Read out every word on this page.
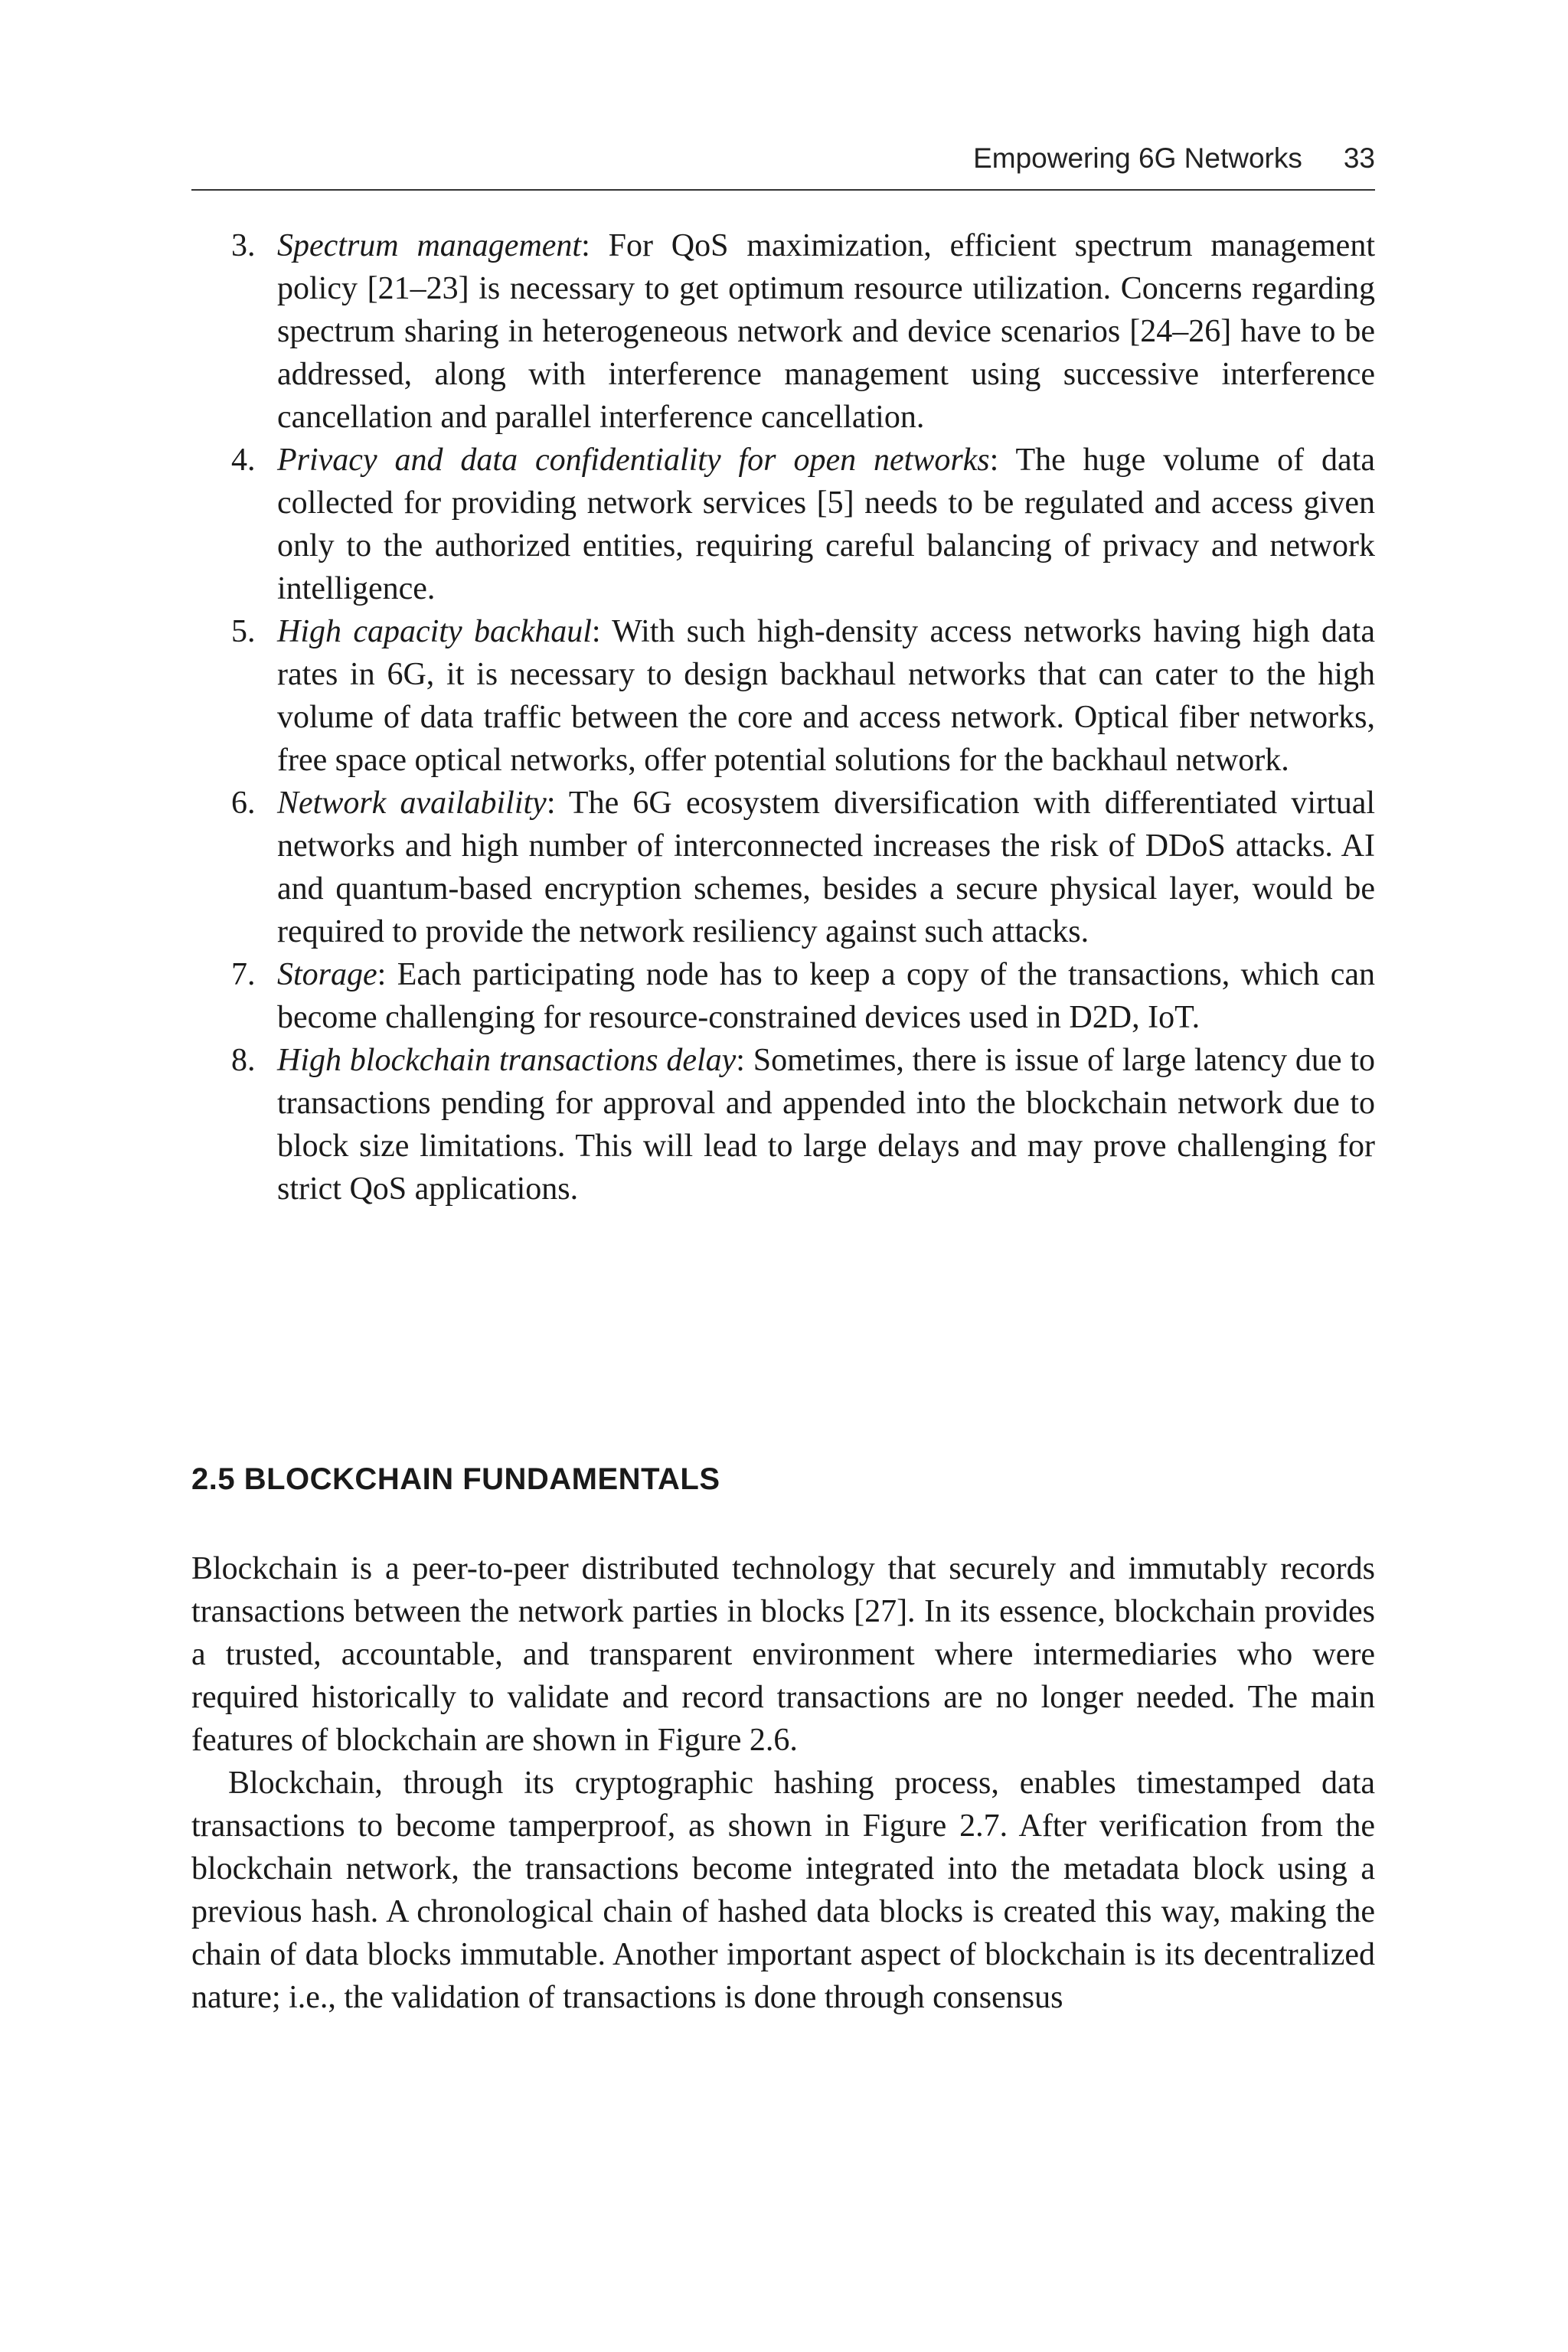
Empowering 6G Networks 33
3. Spectrum management: For QoS maximization, efficient spectrum management policy [21–23] is necessary to get optimum resource utilization. Concerns regarding spectrum sharing in heterogeneous network and device scenarios [24–26] have to be addressed, along with interference management using successive interference cancellation and parallel interference cancellation.
4. Privacy and data confidentiality for open networks: The huge volume of data collected for providing network services [5] needs to be regulated and access given only to the authorized entities, requiring careful balancing of privacy and network intelligence.
5. High capacity backhaul: With such high-density access networks having high data rates in 6G, it is necessary to design backhaul networks that can cater to the high volume of data traffic between the core and access network. Optical fiber networks, free space optical networks, offer potential solutions for the backhaul network.
6. Network availability: The 6G ecosystem diversification with differentiated virtual networks and high number of interconnected increases the risk of DDoS attacks. AI and quantum-based encryption schemes, besides a secure physical layer, would be required to provide the network resiliency against such attacks.
7. Storage: Each participating node has to keep a copy of the transactions, which can become challenging for resource-constrained devices used in D2D, IoT.
8. High blockchain transactions delay: Sometimes, there is issue of large latency due to transactions pending for approval and appended into the blockchain network due to block size limitations. This will lead to large delays and may prove challenging for strict QoS applications.
2.5 BLOCKCHAIN FUNDAMENTALS

Blockchain is a peer-to-peer distributed technology that securely and immutably records transactions between the network parties in blocks [27]. In its essence, blockchain provides a trusted, accountable, and transparent environment where intermediaries who were required historically to validate and record transactions are no longer needed. The main features of blockchain are shown in Figure 2.6.

Blockchain, through its cryptographic hashing process, enables timestamped data transactions to become tamperproof, as shown in Figure 2.7. After verification from the blockchain network, the transactions become integrated into the metadata block using a previous hash. A chronological chain of hashed data blocks is created this way, making the chain of data blocks immutable. Another important aspect of blockchain is its decentralized nature; i.e., the validation of transactions is done through consensus
